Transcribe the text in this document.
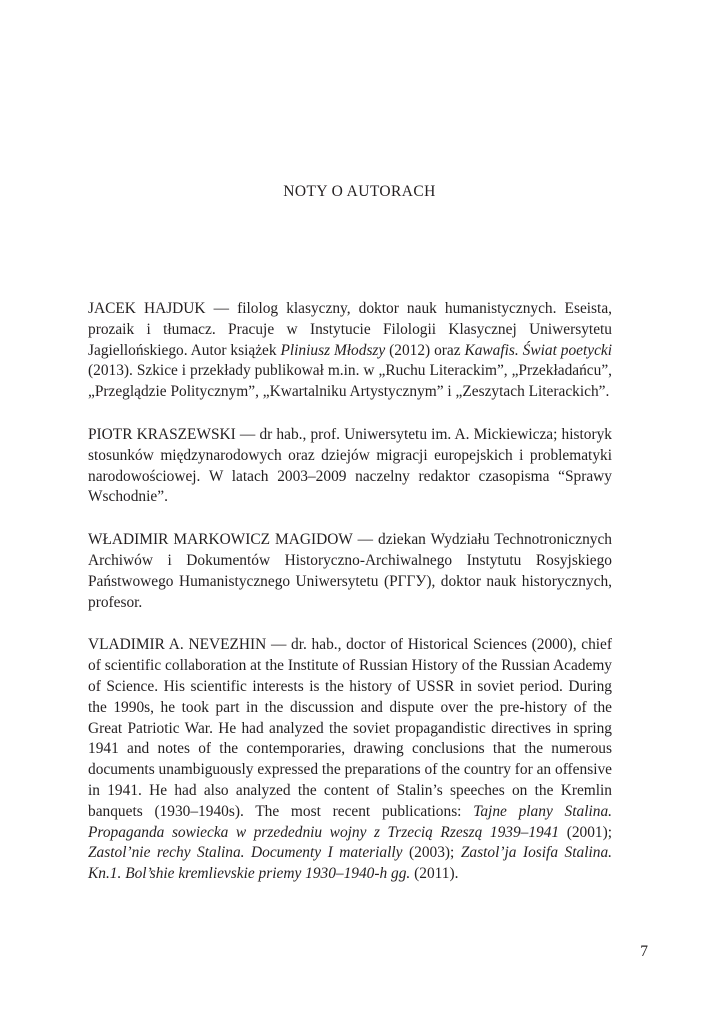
NOTY O AUTORACH

JACEK HAJDUK — filolog klasyczny, doktor nauk humanistycznych. Eseista, prozaik i tłumacz. Pracuje w Instytucie Filologii Klasycznej Uniwersytetu Jagiellońskiego. Autor książek Pliniusz Młodszy (2012) oraz Kawafis. Świat poetycki (2013). Szkice i przekłady publikował m.in. w „Ruchu Literackim”, „Przekładańcu”, „Przeglądzie Politycznym”, „Kwartalniku Artystycznym” i „Zeszytach Literackich”.

PIOTR KRASZEWSKI — dr hab., prof. Uniwersytetu im. A. Mickiewicza; historyk stosunków międzynarodowych oraz dziejów migracji europejskich i problematyki narodowościowej. W latach 2003–2009 naczelny redaktor czasopisma “Sprawy Wschodnie”.

WŁADIMIR MARKOWICZ MAGIDOW — dziekan Wydziału Technotronicznych Archiwów i Dokumentów Historyczno-Archiwalnego Instytutu Rosyjskiego Państwowego Humanistycznego Uniwersytetu (РГГУ), doktor nauk historycznych, profesor.

VLADIMIR A. NEVEZHIN — dr. hab., doctor of Historical Sciences (2000), chief of scientific collaboration at the Institute of Russian History of the Russian Academy of Science. His scientific interests is the history of USSR in soviet period. During the 1990s, he took part in the discussion and dispute over the pre-history of the Great Patriotic War. He had analyzed the soviet propagandistic directives in spring 1941 and notes of the contemporaries, drawing conclusions that the numerous documents unambiguously expressed the preparations of the country for an offensive in 1941. He had also analyzed the content of Stalin’s speeches on the Kremlin banquets (1930–1940s). The most recent publications: Tajne plany Stalina. Propaganda sowiecka w przededniu wojny z Trzecią Rzeszą 1939–1941 (2001); Zastol’nie rechy Stalina. Documenty I materially (2003); Zastol’ja Iosifa Stalina. Kn.1. Bol’shie kremlievskie priemy 1930–1940-h gg. (2011).

7
